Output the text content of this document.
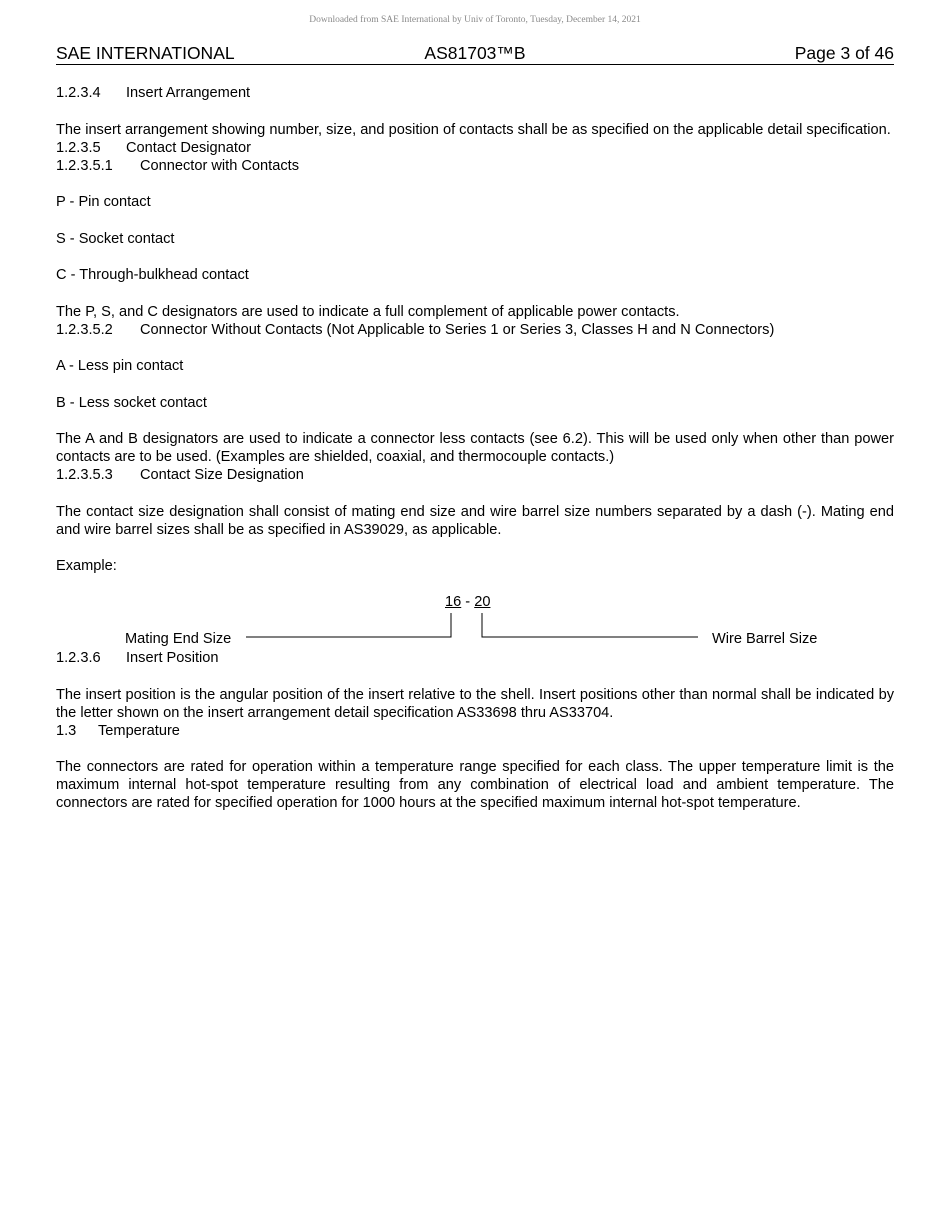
Downloaded from SAE International by Univ of Toronto, Tuesday, December 14, 2021
SAE INTERNATIONAL	AS81703™B	Page 3 of 46

1.2.3.4 Insert Arrangement

The insert arrangement showing number, size, and position of contacts shall be as specified on the applicable detail specification.

1.2.3.5 Contact Designator

1.2.3.5.1 Connector with Contacts

P - Pin contact

S - Socket contact

C - Through-bulkhead contact

The P, S, and C designators are used to indicate a full complement of applicable power contacts.

1.2.3.5.2 Connector Without Contacts (Not Applicable to Series 1 or Series 3, Classes H and N Connectors)

A - Less pin contact

B - Less socket contact

The A and B designators are used to indicate a connector less contacts (see 6.2). This will be used only when other than power contacts are to be used. (Examples are shielded, coaxial, and thermocouple contacts.)

1.2.3.5.3 Contact Size Designation

The contact size designation shall consist of mating end size and wire barrel size numbers separated by a dash (-). Mating end and wire barrel sizes shall be as specified in AS39029, as applicable.

Example:

16 - 20
Mating End Size	Wire Barrel Size

1.2.3.6 Insert Position

The insert position is the angular position of the insert relative to the shell. Insert positions other than normal shall be indicated by the letter shown on the insert arrangement detail specification AS33698 thru AS33704.

1.3 Temperature

The connectors are rated for operation within a temperature range specified for each class. The upper temperature limit is the maximum internal hot-spot temperature resulting from any combination of electrical load and ambient temperature. The connectors are rated for specified operation for 1000 hours at the specified maximum internal hot-spot temperature.
